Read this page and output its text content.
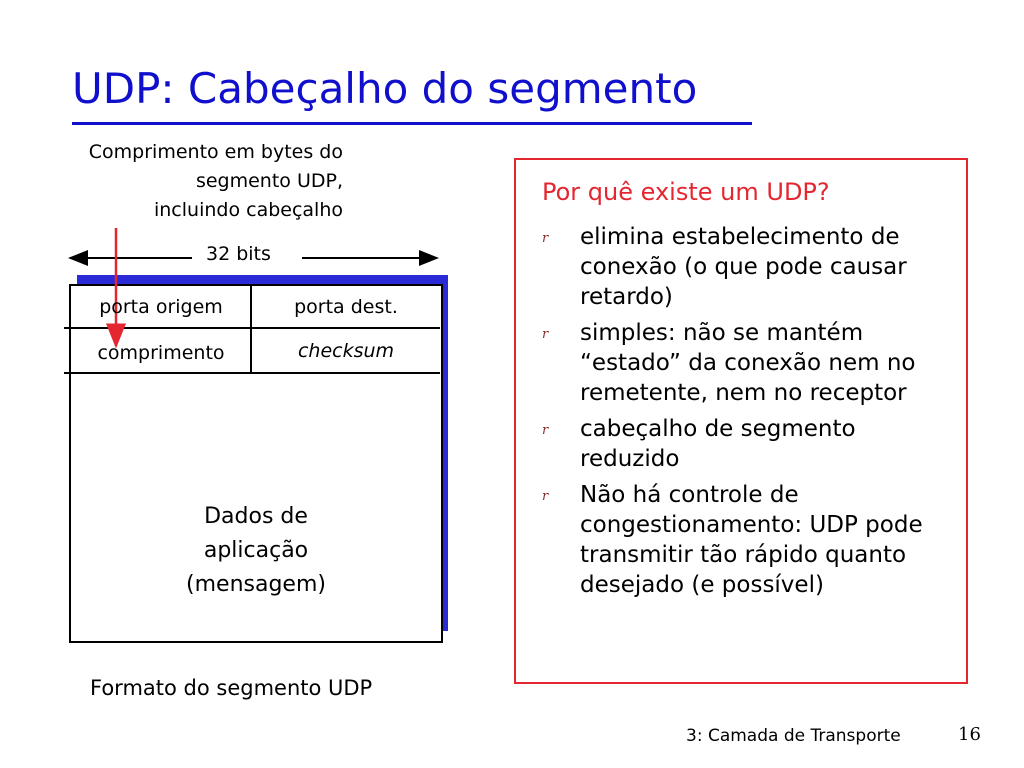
UDP: Cabeçalho do segmento
Comprimento em bytes do
segmento UDP,
incluindo cabeçalho
32 bits
porta origem	porta dest.
comprimento	checksum
Dados de
aplicação
(mensagem)
Formato do segmento UDP
Por quê existe um UDP?
r elimina estabelecimento de conexão (o que pode causar retardo)
r simples: não se mantém “estado” da conexão nem no remetente, nem no receptor
r cabeçalho de segmento reduzido
r Não há controle de congestionamento: UDP pode transmitir tão rápido quanto desejado (e possível)
3: Camada de Transporte	16
